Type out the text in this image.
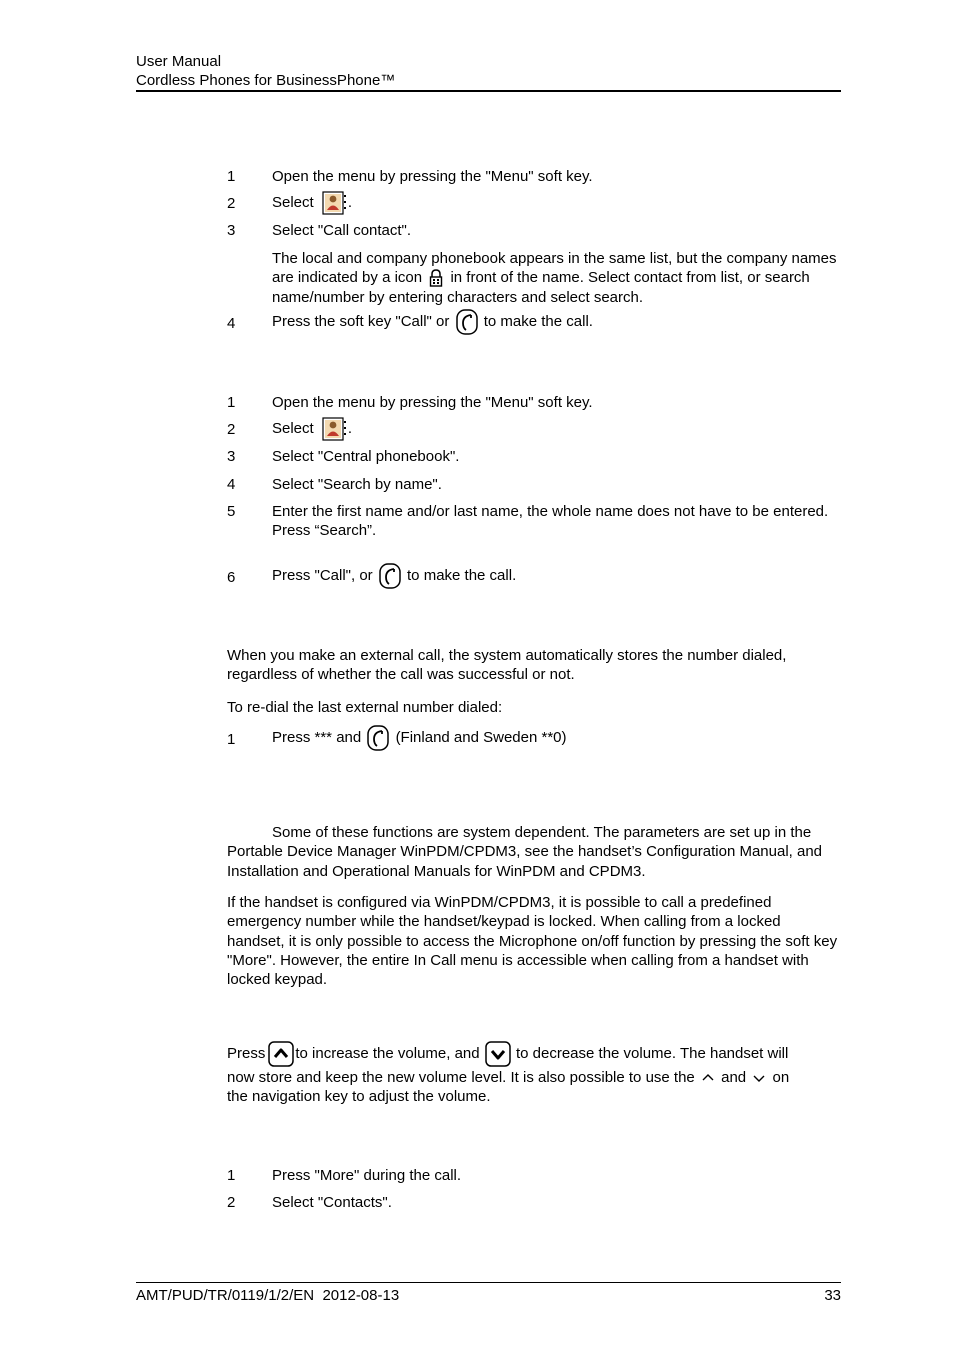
User Manual
Cordless Phones for BusinessPhone™
1 Open the menu by pressing the "Menu" soft key.
2 Select .
3 Select "Call contact".
The local and company phonebook appears in the same list, but the company names are indicated by a icon in front of the name. Select contact from list, or search name/number by entering characters and select search.
4 Press the soft key "Call" or to make the call.
1 Open the menu by pressing the "Menu" soft key.
2 Select .
3 Select "Central phonebook".
4 Select "Search by name".
5 Enter the first name and/or last name, the whole name does not have to be entered.
Press “Search”.
6 Press "Call", or to make the call.
When you make an external call, the system automatically stores the number dialed, regardless of whether the call was successful or not.
To re-dial the last external number dialed:
1 Press *** and (Finland and Sweden **0)
Some of these functions are system dependent. The parameters are set up in the Portable Device Manager WinPDM/CPDM3, see the handset’s Configuration Manual, and Installation and Operational Manuals for WinPDM and CPDM3.
If the handset is configured via WinPDM/CPDM3, it is possible to call a predefined emergency number while the handset/keypad is locked. When calling from a locked handset, it is only possible to access the Microphone on/off function by pressing the soft key "More". However, the entire In Call menu is accessible when calling from a handset with locked keypad.
Press to increase the volume, and to decrease the volume. The handset will
now store and keep the new volume level. It is also possible to use the and on
the navigation key to adjust the volume.
1 Press "More" during the call.
2 Select "Contacts".
AMT/PUD/TR/0119/1/2/EN  2012-08-13	33
